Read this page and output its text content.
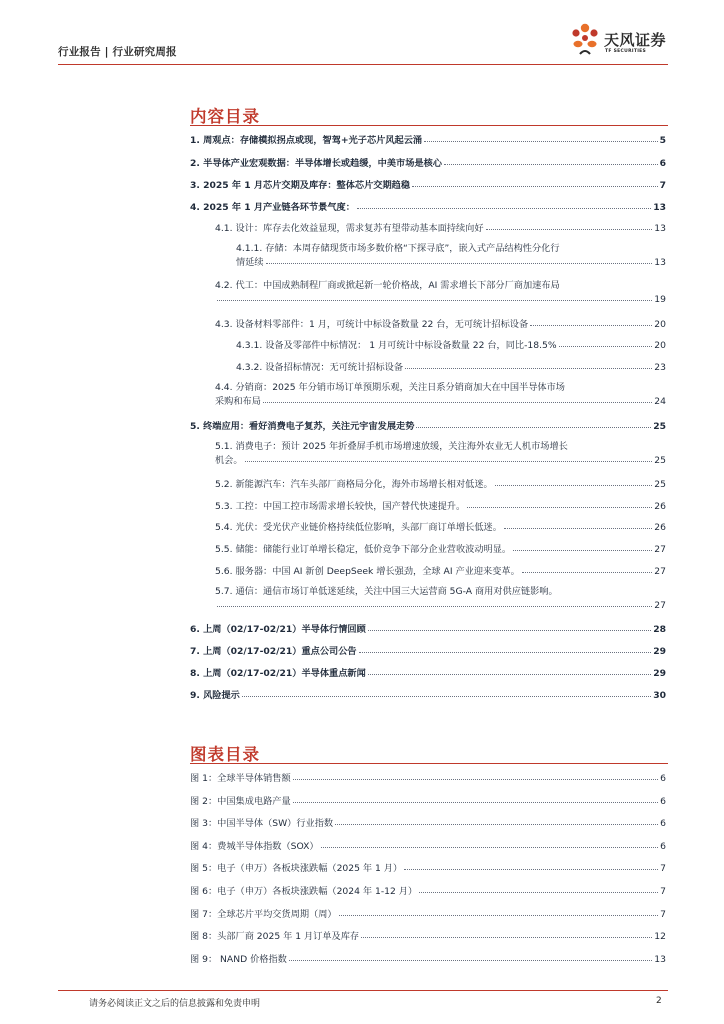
行业报告 | 行业研究周报
天风证券
TF SECURITIES
内容目录
1. 周观点：存储模拟拐点或现，智驾+光子芯片风起云涌	5
2. 半导体产业宏观数据：半导体增长或趋缓，中美市场是核心	6
3. 2025 年 1 月芯片交期及库存：整体芯片交期趋稳	7
4. 2025 年 1 月产业链各环节景气度：	13
4.1. 设计：库存去化效益显现，需求复苏有望带动基本面持续向好	13
4.1.1. 存储：本周存储现货市场多数价格“下探寻底”，嵌入式产品结构性分化行
情延续	13
4.2. 代工：中国成熟制程厂商或掀起新一轮价格战，AI 需求增长下部分厂商加速布局
19
4.3. 设备材料零部件：1 月，可统计中标设备数量 22 台，无可统计招标设备	20
4.3.1. 设备及零部件中标情况： 1 月可统计中标设备数量 22 台，同比-18.5%	20
4.3.2. 设备招标情况：无可统计招标设备	23
4.4. 分销商：2025 年分销市场订单预期乐观，关注日系分销商加大在中国半导体市场
采购和布局	24
5. 终端应用：看好消费电子复苏，关注元宇宙发展走势	25
5.1. 消费电子：预计 2025 年折叠屏手机市场增速放缓，关注海外农业无人机市场增长
机会。	25
5.2. 新能源汽车：汽车头部厂商格局分化，海外市场增长相对低迷。	25
5.3. 工控：中国工控市场需求增长较快，国产替代快速提升。	26
5.4. 光伏：受光伏产业链价格持续低位影响，头部厂商订单增长低迷。	26
5.5. 储能：储能行业订单增长稳定，低价竞争下部分企业营收波动明显。	27
5.6. 服务器：中国 AI 新创 DeepSeek 增长强劲，全球 AI 产业迎来变革。	27
5.7. 通信：通信市场订单低迷延续，关注中国三大运营商 5G-A 商用对供应链影响。
27
6. 上周（02/17-02/21）半导体行情回顾	28
7. 上周（02/17-02/21）重点公司公告	29
8. 上周（02/17-02/21）半导体重点新闻	29
9. 风险提示	30
图表目录
图 1：全球半导体销售额	6
图 2：中国集成电路产量	6
图 3：中国半导体（SW）行业指数	6
图 4：费城半导体指数（SOX）	6
图 5：电子（申万）各板块涨跌幅（2025 年 1 月）	7
图 6：电子（申万）各板块涨跌幅（2024 年 1-12 月）	7
图 7：全球芯片平均交货周期（周）	7
图 8：头部厂商 2025 年 1 月订单及库存	12
图 9： NAND 价格指数	13
请务必阅读正文之后的信息披露和免责申明	2
